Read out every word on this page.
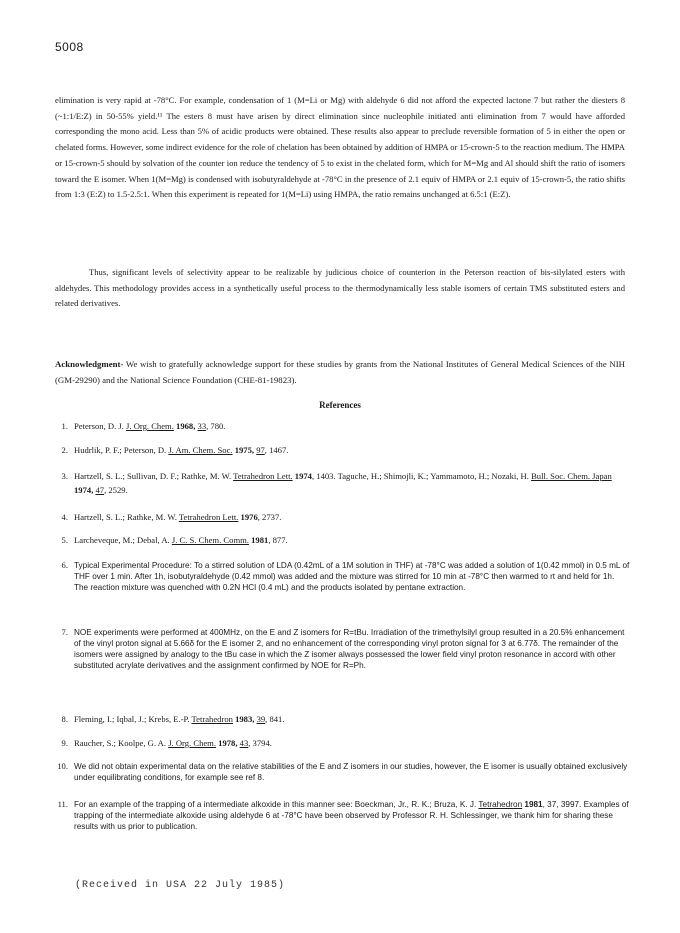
5008
elimination is very rapid at -78°C. For example, condensation of 1 (M=Li or Mg) with aldehyde 6 did not afford the expected lactone 7 but rather the diesters 8 (~1:1/E:Z) in 50-55% yield.¹¹ The esters 8 must have arisen by direct elimination since nucleophile initiated anti elimination from 7 would have afforded corresponding the mono acid. Less than 5% of acidic products were obtained. These results also appear to preclude reversible formation of 5 in either the open or chelated forms. However, some indirect evidence for the role of chelation has been obtained by addition of HMPA or 15-crown-5 to the reaction medium. The HMPA or 15-crown-5 should by solvation of the counter ion reduce the tendency of 5 to exist in the chelated form, which for M=Mg and Al should shift the ratio of isomers toward the E isomer. When 1(M=Mg) is condensed with isobutyraldehyde at -78°C in the presence of 2.1 equiv of HMPA or 2.1 equiv of 15-crown-5, the ratio shifts from 1:3 (E:Z) to 1.5-2.5:1. When this experiment is repeated for 1(M=Li) using HMPA, the ratio remains unchanged at 6.5:1 (E:Z).
Thus, significant levels of selectivity appear to be realizable by judicious choice of counterion in the Peterson reaction of bis-silylated esters with aldehydes. This methodology provides access in a synthetically useful process to the thermodynamically less stable isomers of certain TMS substituted esters and related derivatives.
Acknowledgment- We wish to gratefully acknowledge support for these studies by grants from the National Institutes of General Medical Sciences of the NIH (GM-29290) and the National Science Foundation (CHE-81-19823).
References
1. Peterson, D. J. J. Org. Chem. 1968, 33, 780.
2. Hudrlik, P. F.; Peterson, D. J. Am. Chem. Soc. 1975, 97, 1467.
3. Hartzell, S. L.; Sullivan, D. F.; Rathke, M. W. Tetrahedron Lett. 1974, 1403. Taguche, H.; Shimojli, K.; Yammamoto, H.; Nozaki, H. Bull. Soc. Chem. Japan 1974, 47, 2529.
4. Hartzell, S. L.; Rathke, M. W. Tetrahedron Lett. 1976, 2737.
5. Larcheveque, M.; Debal, A. J. C. S. Chem. Comm. 1981, 877.
6. Typical Experimental Procedure: To a stirred solution of LDA (0.42mL of a 1M solution in THF) at -78°C was added a solution of 1(0.42 mmol) in 0.5 mL of THF over 1 min. After 1h, isobutyraldehyde (0.42 mmol) was added and the mixture was stirred for 10 min at -78°C then warmed to rt and held for 1h. The reaction mixture was quenched with 0.2N HCl (0.4 mL) and the products isolated by pentane extraction.
7. NOE experiments were performed at 400MHz, on the E and Z isomers for R=tBu. Irradiation of the trimethylsilyl group resulted in a 20.5% enhancement of the vinyl proton signal at 5.66δ for the E isomer 2, and no enhancement of the corresponding vinyl proton signal for 3 at 6.77δ. The remainder of the isomers were assigned by analogy to the tBu case in which the Z isomer always possessed the lower field vinyl proton resonance in accord with other substituted acrylate derivatives and the assignment confirmed by NOE for R=Ph.
8. Fleming, I.; Iqbal, J.; Krebs, E.-P. Tetrahedron 1983, 39, 841.
9. Raucher, S.; Koolpe, G. A. J. Org. Chem. 1978, 43, 3794.
10. We did not obtain experimental data on the relative stabilities of the E and Z isomers in our studies, however, the E isomer is usually obtained exclusively under equilibrating conditions, for example see ref 8.
11. For an example of the trapping of a intermediate alkoxide in this manner see: Boeckman, Jr., R. K.; Bruza, K. J. Tetrahedron 1981, 37, 3997. Examples of trapping of the intermediate alkoxide using aldehyde 6 at -78°C have been observed by Professor R. H. Schlessinger, we thank him for sharing these results with us prior to publication.
(Received in USA 22 July 1985)
